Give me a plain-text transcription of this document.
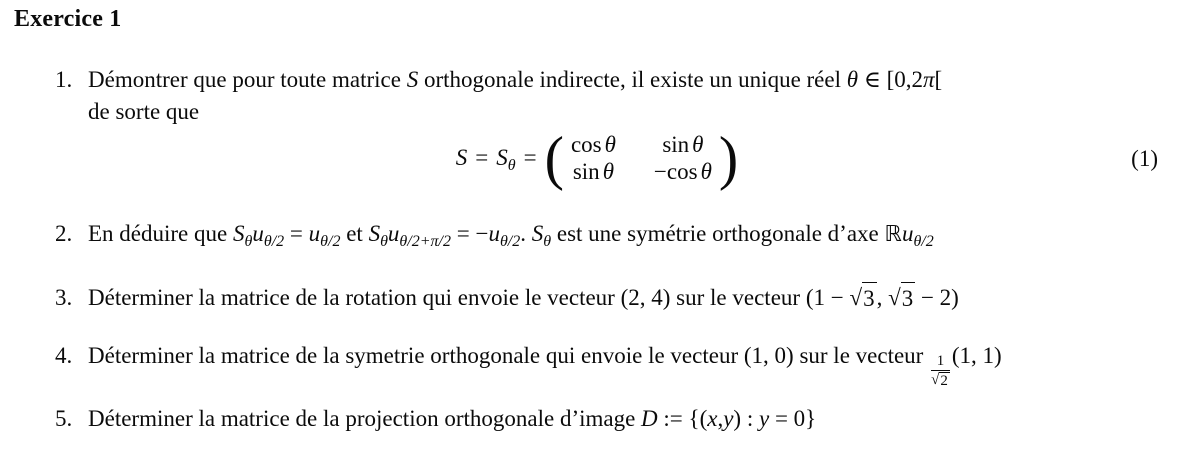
Exercice 1
1. Démontrer que pour toute matrice S orthogonale indirecte, il existe un unique réel θ ∈ [0,2π[
de sorte que
$S = S_\theta$ = ( cos θ sin θ
sin θ −cos θ )	(1)
2. En déduire que $S_\theta u_{\theta/2} = u_{\theta/2}$ et $S_\theta u_{\theta/2+\pi/2} = -u_{\theta/2}$. $S_\theta$ est une symétrie orthogonale d’axe ℝu$_{\theta/2}$
3. Déterminer la matrice de la rotation qui envoie le vecteur (2, 4) sur le vecteur (1 − √ 3 , √ 3 − 2)
4. Déterminer la matrice de la symetrie orthogonale qui envoie le vecteur (1, 0) sur le vecteur $\frac{1}{√ 2} (1$, 1)
5. Déterminer la matrice de la projection orthogonale d’image D := {(x,y) : y = 0}
